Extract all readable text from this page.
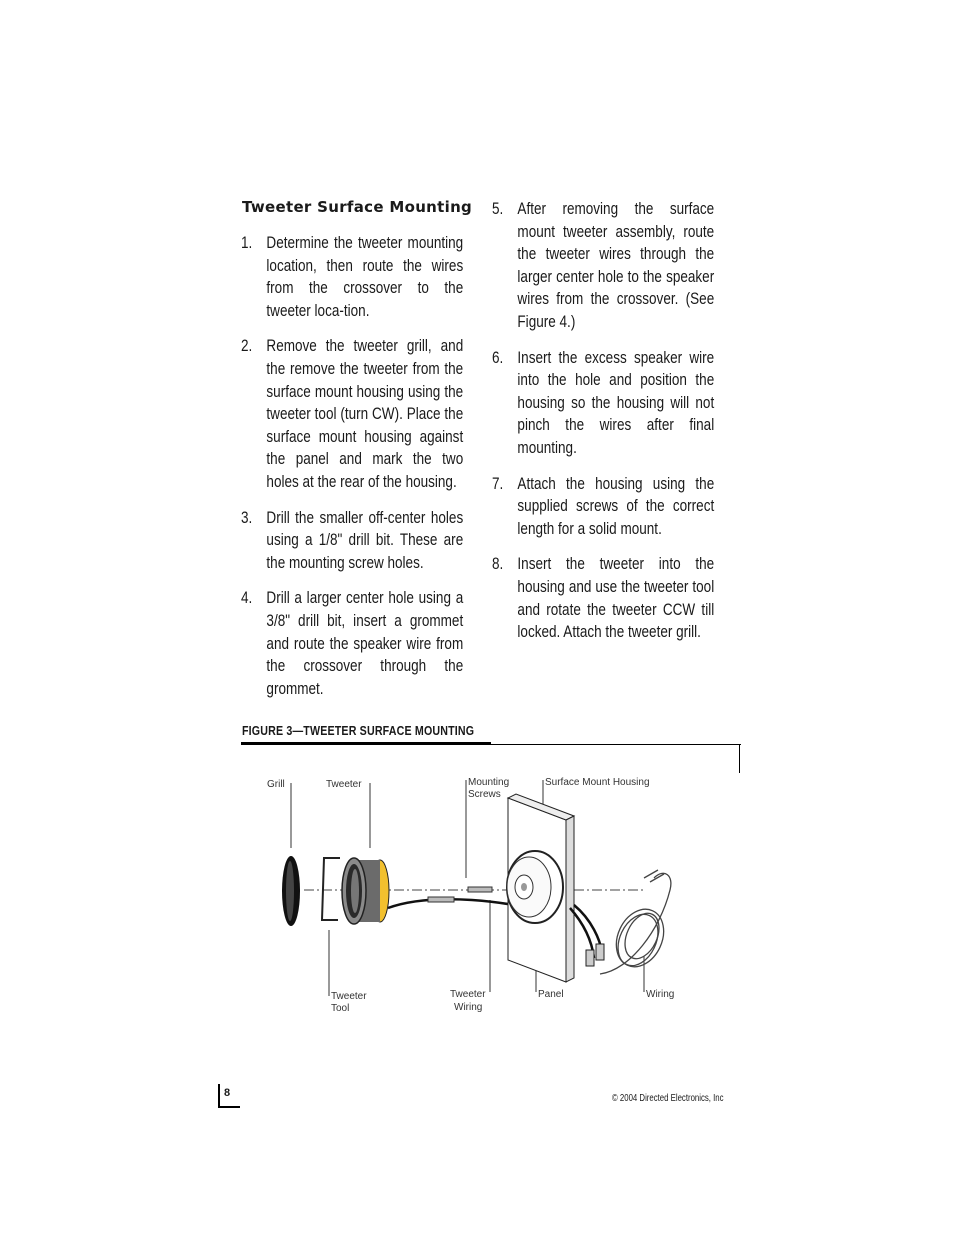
Tweeter Surface Mounting
1. Determine the tweeter mounting location, then route the wires from the crossover to the tweeter loca-tion.
2. Remove the tweeter grill, and the remove the tweeter from the surface mount housing using the tweeter tool (turn CW). Place the surface mount housing against the panel and mark the two holes at the rear of the housing.
3. Drill the smaller off-center holes using a 1/8" drill bit. These are the mounting screw holes.
4. Drill a larger center hole using a 3/8" drill bit, insert a grommet and route the speaker wire from the crossover through the grommet.
5. After removing the surface mount tweeter assembly, route the tweeter wires through the larger center hole to the speaker wires from the crossover. (See Figure 4.)
6. Insert the excess speaker wire into the hole and position the housing so the housing will not pinch the wires after final mounting.
7. Attach the housing using the supplied screws of the correct length for a solid mount.
8. Insert the tweeter into the housing and use the tweeter tool and rotate the tweeter CCW till locked. Attach the tweeter grill.
FIGURE 3—TWEETER SURFACE MOUNTING
Grill	Tweeter	Mounting
Screws
Surface Mount Housing
Tweeter
Tool
Tweeter
Wiring
Panel	Wiring
8	© 2004 Directed Electronics, Inc
